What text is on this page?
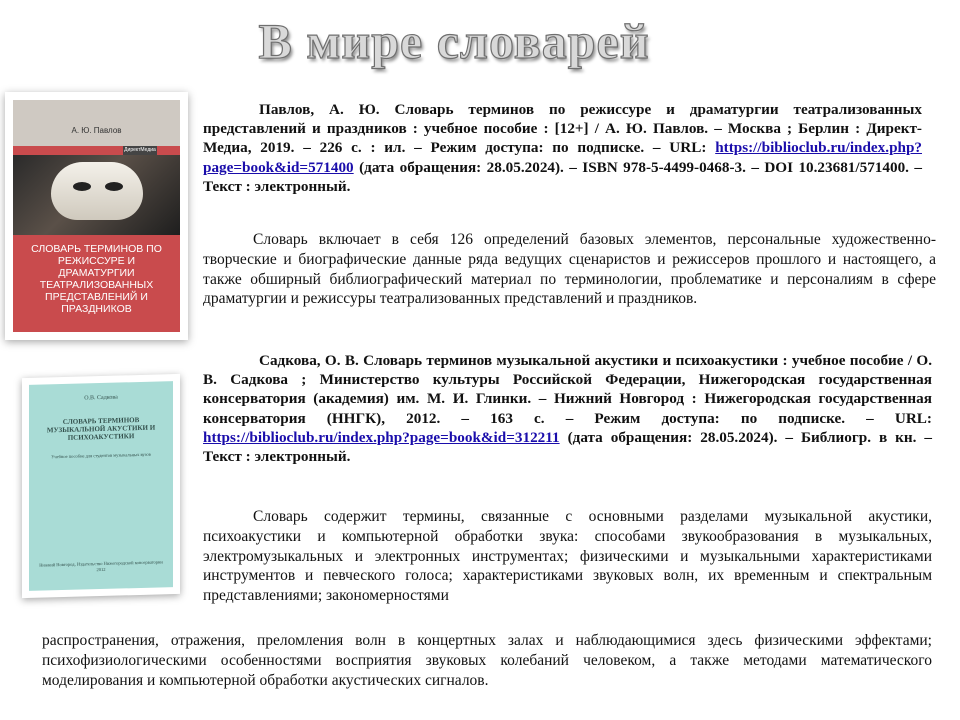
В мире словарей
А. Ю. Павлов
ДиректМедиа
СЛОВАРЬ ТЕРМИНОВ ПО РЕЖИССУРЕ И ДРАМАТУРГИИ ТЕАТРАЛИЗОВАННЫХ ПРЕДСТАВЛЕНИЙ И ПРАЗДНИКОВ

Павлов, А. Ю. Словарь терминов по режиссуре и драматургии театрализованных представлений и праздников : учебное пособие : [12+] / А. Ю. Павлов. – Москва ; Берлин : Директ-Медиа, 2019. – 226 с. : ил. – Режим доступа: по подписке. – URL: https://biblioclub.ru/index.php?page=book&id=571400 (дата обращения: 28.05.2024). – ISBN 978-5-4499-0468-3. – DOI 10.23681/571400. – Текст : электронный.

Словарь включает в себя 126 определений базовых элементов, персональные художественно-творческие и биографические данные ряда ведущих сценаристов и режиссеров прошлого и настоящего, а также обширный библиографический материал по терминологии, проблематике и персоналиям в сфере драматургии и режиссуры театрализованных представлений и праздников.

О.В. Садкова
СЛОВАРЬ ТЕРМИНОВ МУЗЫКАЛЬНОЙ АКУСТИКИ И ПСИХОАКУСТИКИ
Учебное пособие для студентов музыкальных вузов
Нижний Новгород, Издательство Нижегородской консерватории 2012

Садкова, О. В. Словарь терминов музыкальной акустики и психоакустики : учебное пособие / О. В. Садкова ; Министерство культуры Российской Федерации, Нижегородская государственная консерватория (академия) им. М. И. Глинки. – Нижний Новгород : Нижегородская государственная консерватория (ННГК), 2012. – 163 с. – Режим доступа: по подписке. – URL: https://biblioclub.ru/index.php?page=book&id=312211 (дата обращения: 28.05.2024). – Библиогр. в кн. – Текст : электронный.

Словарь содержит термины, связанные с основными разделами музыкальной акустики, психоакустики и компьютерной обработки звука: способами звукообразования в музыкальных, электромузыкальных и электронных инструментах; физическими и музыкальными характеристиками инструментов и певческого голоса; характеристиками звуковых волн, их временным и спектральным представлениями; закономерностями

распространения, отражения, преломления волн в концертных залах и наблюдающимися здесь физическими эффектами; психофизиологическими особенностями восприятия звуковых колебаний человеком, а также методами математического моделирования и компьютерной обработки акустических сигналов.
